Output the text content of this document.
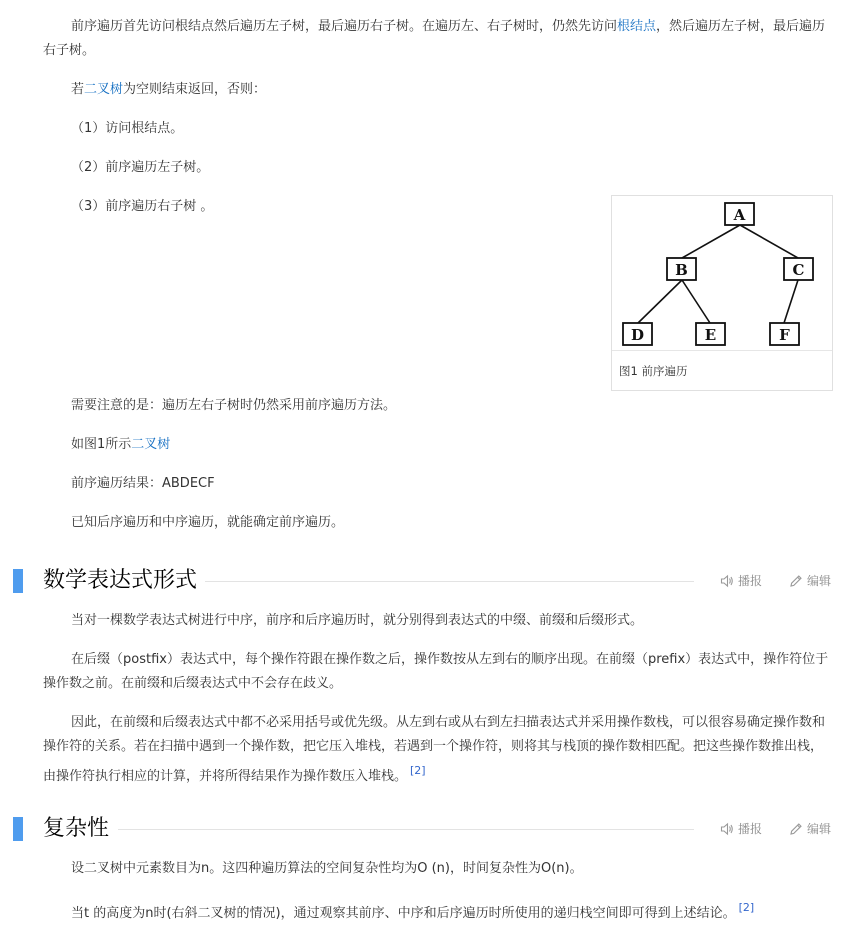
前序遍历首先访问根结点然后遍历左子树，最后遍历右子树。在遍历左、右子树时，仍然先访问根结点，然后遍历左子树，最后遍历右子树。

若二叉树为空则结束返回，否则：

（1）访问根结点。

（2）前序遍历左子树。

（3）前序遍历右子树 。	A
B	C
D	E	F
图1 前序遍历

需要注意的是：遍历左右子树时仍然采用前序遍历方法。

如图1所示二叉树

前序遍历结果：ABDECF

已知后序遍历和中序遍历，就能确定前序遍历。

数学表达式形式	播报	编辑

当对一棵数学表达式树进行中序，前序和后序遍历时，就分别得到表达式的中缀、前缀和后缀形式。

在后缀（postfix）表达式中，每个操作符跟在操作数之后，操作数按从左到右的顺序出现。在前缀（prefix）表达式中，操作符位于操作数之前。在前缀和后缀表达式中不会存在歧义。

因此，在前缀和后缀表达式中都不必采用括号或优先级。从左到右或从右到左扫描表达式并采用操作数栈，可以很容易确定操作数和操作符的关系。若在扫描中遇到一个操作数，把它压入堆栈，若遇到一个操作符，则将其与栈顶的操作数相匹配。把这些操作数推出栈，由操作符执行相应的计算，并将所得结果作为操作数压入堆栈。 [2]

复杂性	播报	编辑

设二叉树中元素数目为n。这四种遍历算法的空间复杂性均为O (n)，时间复杂性为O(n)。

当t 的高度为n时(右斜二叉树的情况)，通过观察其前序、中序和后序遍历时所使用的递归栈空间即可得到上述结论。 [2]
